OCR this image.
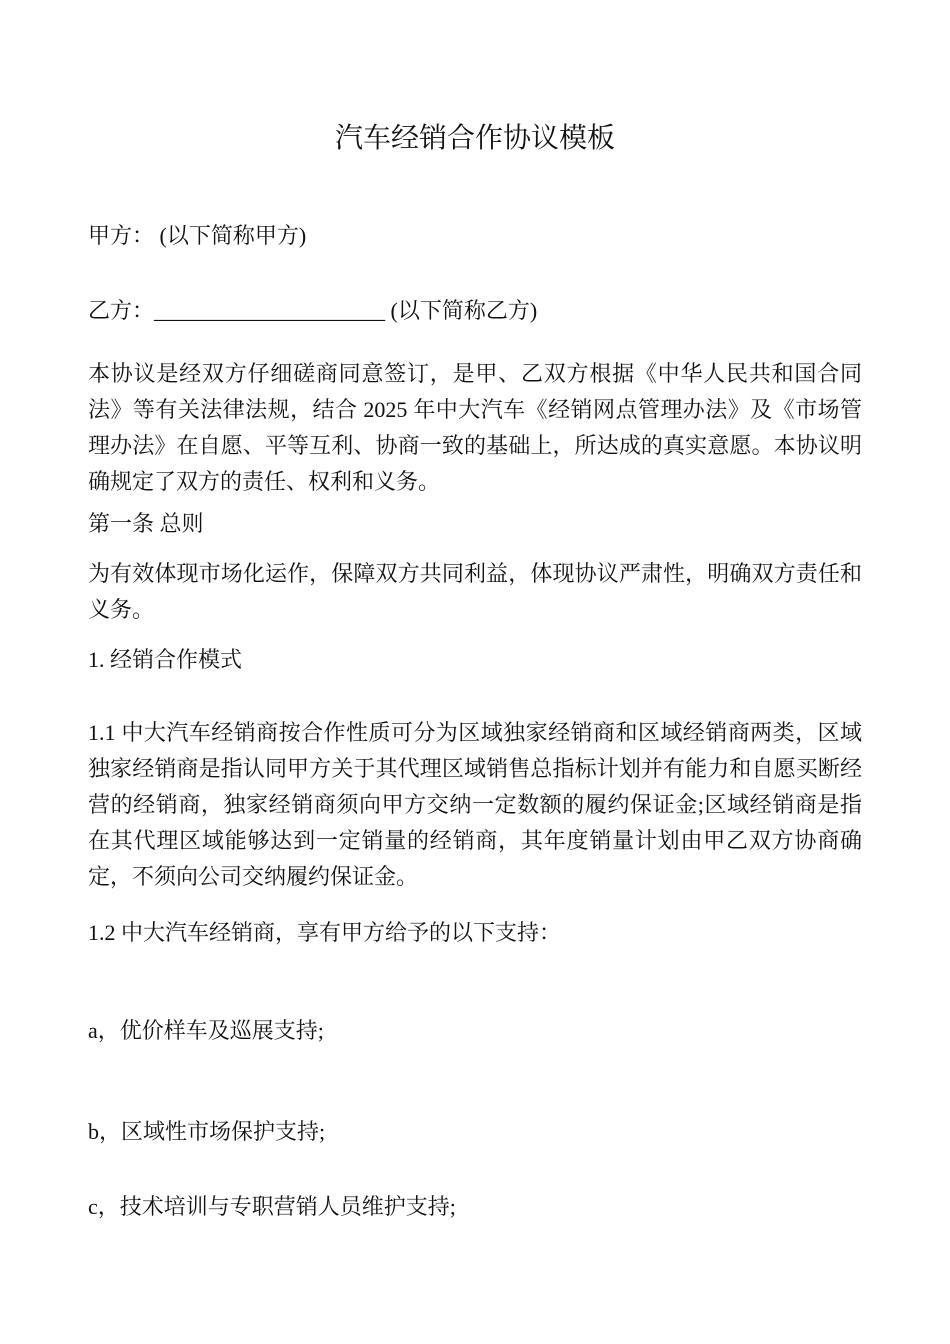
汽车经销合作协议模板
甲方： (以下简称甲方)
乙方：_____________________ (以下简称乙方)
本协议是经双方仔细磋商同意签订，是甲、乙双方根据《中华人民共和国合同法》等有关法律法规，结合 2025 年中大汽车《经销网点管理办法》及《市场管理办法》在自愿、平等互利、协商一致的基础上，所达成的真实意愿。本协议明确规定了双方的责任、权利和义务。
第一条 总则
为有效体现市场化运作，保障双方共同利益，体现协议严肃性，明确双方责任和义务。
1. 经销合作模式
1.1 中大汽车经销商按合作性质可分为区域独家经销商和区域经销商两类，区域独家经销商是指认同甲方关于其代理区域销售总指标计划并有能力和自愿买断经营的经销商，独家经销商须向甲方交纳一定数额的履约保证金;区域经销商是指在其代理区域能够达到一定销量的经销商，其年度销量计划由甲乙双方协商确定，不须向公司交纳履约保证金。
1.2 中大汽车经销商，享有甲方给予的以下支持：
a，优价样车及巡展支持;
b，区域性市场保护支持;
c，技术培训与专职营销人员维护支持;
